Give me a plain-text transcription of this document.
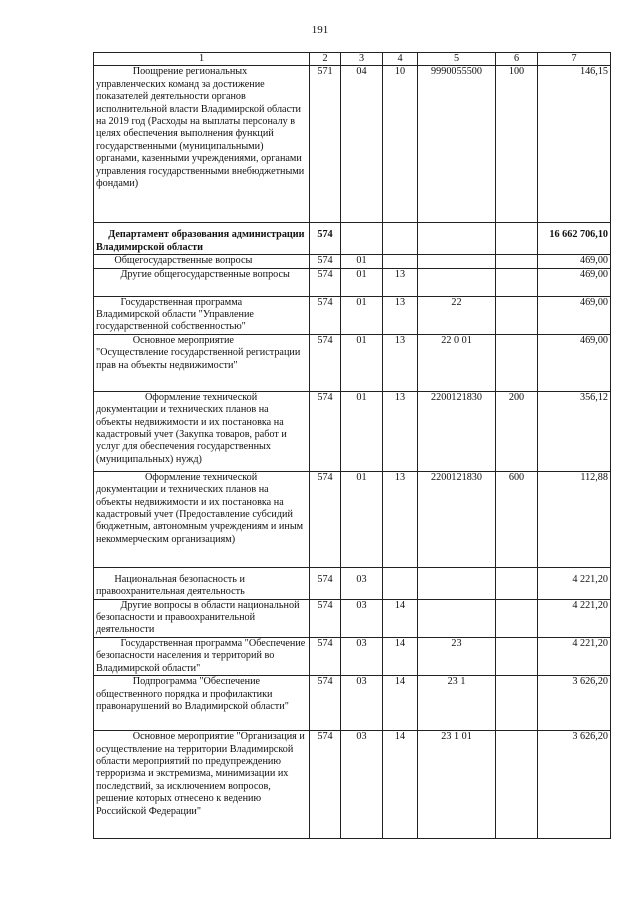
191
1	2	3	4	5	6	7

Поощрение региональных управленческих команд за достижение показателей деятельности органов исполнительной власти Владимирской области на 2019 год (Расходы на выплаты персоналу в целях обеспечения выполнения функций государственными (муниципальными) органами, казенными учреждениями, органами управления государственными внебюджетными фондами)	571	04	10	9990055500	100	146,15

Департамент образования администрации Владимирской области	574					16 662 706,10

Общегосударственные вопросы	574	01				469,00

Другие общегосударственные вопросы	574	01	13			469,00

Государственная программа Владимирской области "Управление государственной собственностью"	574	01	13	22		469,00

Основное мероприятие "Осуществление государственной регистрации прав на объекты недвижимости"	574	01	13	22 0 01		469,00

Оформление технической документации и технических планов на объекты недвижимости и их постановка на кадастровый учет (Закупка товаров, работ и услуг для обеспечения государственных (муниципальных) нужд)	574	01	13	2200121830	200	356,12

Оформление технической документации и технических планов на объекты недвижимости и их постановка на кадастровый учет (Предоставление субсидий бюджетным, автономным учреждениям и иным некоммерческим организациям)	574	01	13	2200121830	600	112,88

Национальная безопасность и правоохранительная деятельность	574	03				4 221,20

Другие вопросы в области национальной безопасности и правоохранительной деятельности	574	03	14			4 221,20

Государственная программа "Обеспечение безопасности населения и территорий во Владимирской области"	574	03	14	23		4 221,20

Подпрограмма "Обеспечение общественного порядка и профилактики правонарушений во Владимирской области"	574	03	14	23 1		3 626,20

Основное мероприятие "Организация и осуществление на территории Владимирской области мероприятий по предупреждению терроризма и экстремизма, минимизации их последствий, за исключением вопросов, решение которых отнесено к ведению Российской Федерации"	574	03	14	23 1 01		3 626,20
